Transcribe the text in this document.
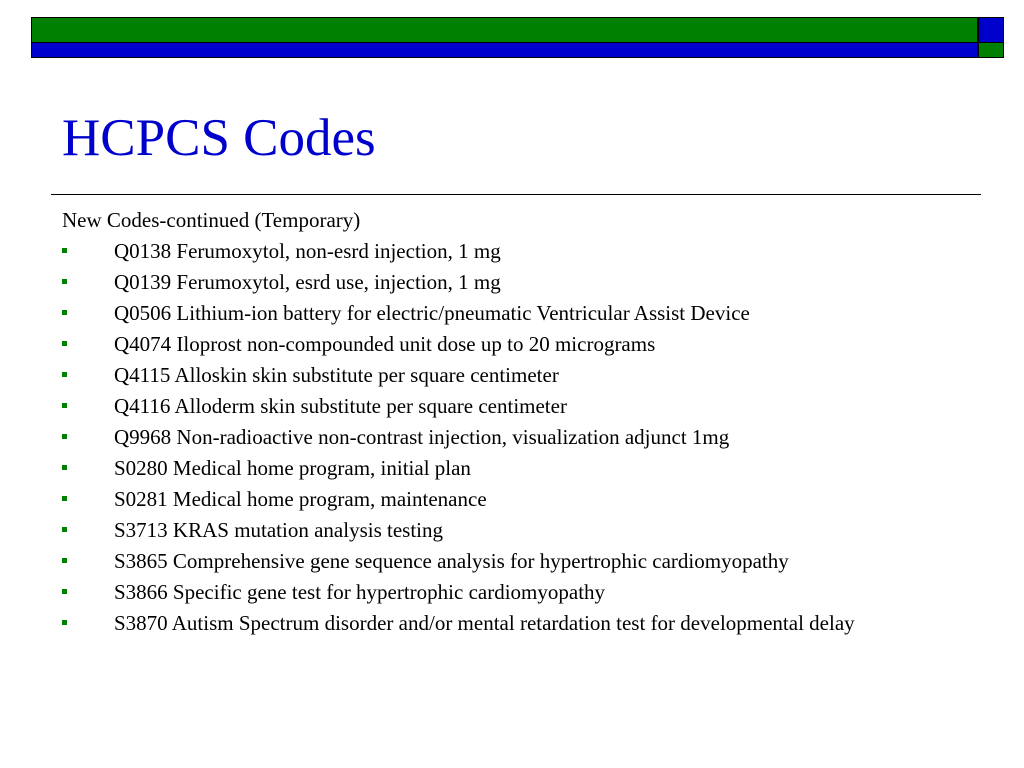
HCPCS Codes

New Codes-continued (Temporary)

Q0138 Ferumoxytol, non-esrd injection, 1 mg
Q0139 Ferumoxytol, esrd use, injection, 1 mg
Q0506 Lithium-ion battery for electric/pneumatic Ventricular Assist Device
Q4074 Iloprost non-compounded unit dose up to 20 micrograms
Q4115 Alloskin skin substitute per square centimeter
Q4116 Alloderm skin substitute per square centimeter
Q9968 Non-radioactive non-contrast injection, visualization adjunct 1mg
S0280 Medical home program, initial plan
S0281 Medical home program, maintenance
S3713 KRAS mutation analysis testing
S3865 Comprehensive gene sequence analysis for hypertrophic cardiomyopathy
S3866 Specific gene test for hypertrophic cardiomyopathy
S3870 Autism Spectrum disorder and/or mental retardation test for developmental delay
